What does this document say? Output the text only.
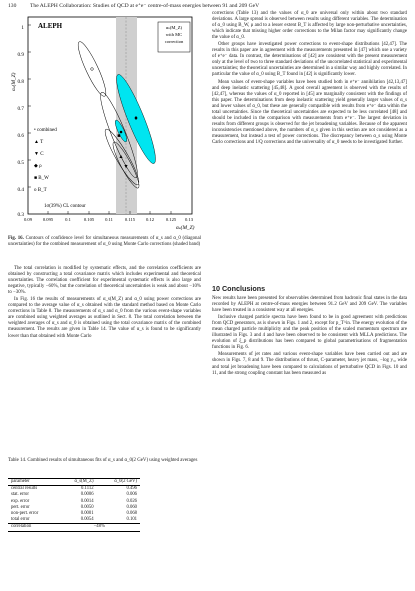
130 The ALEPH Collaboration: Studies of QCD at e⁺e⁻ centre-of-mass energies between 91 and 209 GeV
0.3
0.4
0.5
0.6
0.7
0.8
0.9
1
0.09 0.095	0.1	0.105 0.11	0.115 0.12	0.125 0.13
αₛ(M_Z)
αₛ(M_Z)
ALEPH	αₛ(M_Z)
with MC
correction
• combined
▲ T
▼ C
◆ ρ
■ B_W
o B_T
1σ(39%) CL contour
Fig. 16. Contours of confidence level for simultaneous measurements of α_s and α_0 (diagonal uncertainties) for the combined measurement of α_0 using Monte Carlo corrections (shaded band)

The total correlation is modified by systematic effects, and the correlation coefficients are obtained by constructing a total covariance matrix which includes experimental and theoretical uncertainties. The correlation coefficient for experimental systematic effects is also large and negative, typically −60%, but the correlation of theoretical uncertainties is weak and about −10% to −30%.

In Fig. 16 the results of measurements of α_s(M_Z) and α_0 using power corrections are compared to the average value of α_s obtained with the standard method based on Monte Carlo corrections in Table 8. The measurements of α_s and α_0 from the various event-shape variables are combined using weighted averages as outlined in Sect. 8. The total correlation between the weighted averages of α_s and α_0 is obtained using the total covariance matrix of the combined measurement. The results are given in Table 14. The value of α_s is found to be significantly lower than that obtained with Monte Carlo

Table 14. Combined results of simultaneous fits of α_s and α_0(2 GeV) using weighted averages
parameter	α_s(M_Z)	α_0(2 GeV)
central results	0.1112	0.496
stat. error	0.0006	0.006
exp. error	0.0014	0.026
pert. error	0.0050	0.060
non-pert. error	0.0001	0.068
total error	0.0054	0.101
correlation	−48%	

corrections (Table 13) and the values of α_0 are universal only within about two standard deviations. A large spread is observed between results using different variables. The determination of α_0 using B_W, ρ and to a lesser extent B_T is affected by large non-perturbative uncertainties, which indicate that missing higher order corrections to the Milan factor may significantly change the value of α_0.

Other groups have investigated power corrections to event-shape distributions [42,47]. The results in this paper are in agreement with the measurements presented in [47] which use a variety of e⁺e⁻ data. In contrast, the determinations of [42] are consistent with the present measurement only at the level of two to three standard deviations of the uncorrelated statistical and experimental uncertainties; the theoretical uncertainties are determined in a similar way and highly correlated. In particular the value of α_0 using B_T found in [42] is significantly lower.

Mean values of event-shape variables have been studied both in e⁺e⁻ annihilation [42,13,47] and deep inelastic scattering [45,48]. A good overall agreement is observed with the results of [42,47], whereas the values of α_0 reported in [45] are marginally consistent with the findings of this paper. The determinations from deep inelastic scattering yield generally larger values of α_s and lower values of α_0, but these are generally compatible with results from e⁺e⁻ data within the total uncertainties. Since the theoretical uncertainties are expected to be less correlated [48] and should be included in the comparison with measurements from e⁺e⁻. The largest deviation in results from different groups is observed for the jet broadening variables. Because of the apparent inconsistencies mentioned above, the numbers of α_s given in this section are not considered as a measurement, but instead a test of power corrections. The discrepancy between α_s using Monte Carlo corrections and 1/Q corrections and the universality of α_0 needs to be investigated further.

10 Conclusions

New results have been presented for observables determined from hadronic final states in the data recorded by ALEPH at centre-of-mass energies between 91.2 GeV and 209 GeV. The variables have been treated in a consistent way at all energies.

Inclusive charged particle spectra have been found to be in good agreement with predictions from QCD generators, as is shown in Figs. 1 and 2, except for p_T^in. The energy evolution of the mean charged particle multiplicity and the peak position of the scaled momentum spectrum are illustrated in Figs. 3 and 4 and have been observed to be consistent with MLLA predictions. The evolution of ξ_p distributions has been compared to global parametrisations of fragmentation functions in Fig. 6.

Measurements of jet rates and various event-shape variables have been carried out and are shown in Figs. 7, 8 and 9. The distributions of thrust, C-parameter, heavy jet mass, −log y₃, wide and total jet broadening have been compared to calculations of perturbative QCD in Figs. 10 and 11, and the strong coupling constant has been measured as
